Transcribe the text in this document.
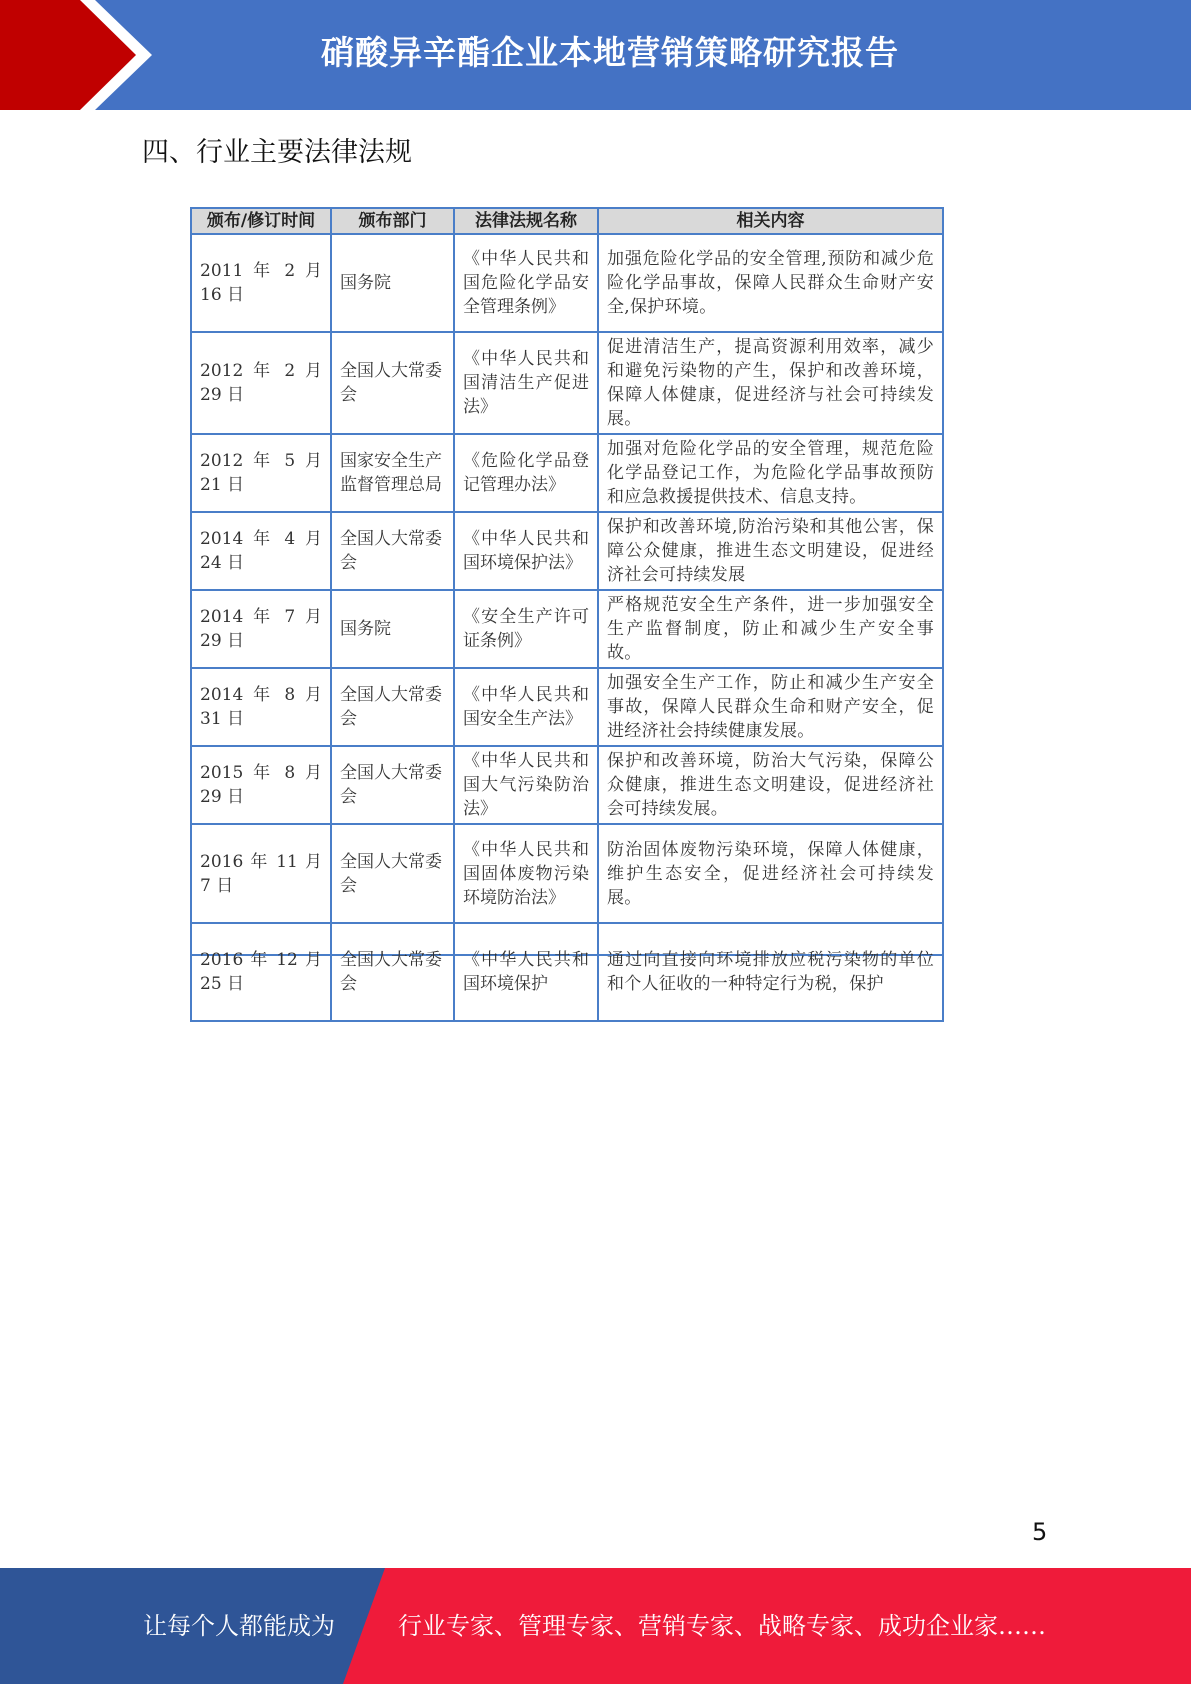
硝酸异辛酯企业本地营销策略研究报告
四、行业主要法律法规
颁布/修订时间	颁布部门	法律法规名称	相关内容
2011 年 2 月 16 日	国务院	《中华人民共和国危险化学品安全管理条例》	加强危险化学品的安全管理,预防和减少危险化学品事故，保障人民群众生命财产安全,保护环境。
2012 年 2 月 29 日	全国人大常委会	《中华人民共和国清洁生产促进法》	促进清洁生产，提高资源利用效率，减少和避免污染物的产生，保护和改善环境，保障人体健康，促进经济与社会可持续发展。
2012 年 5 月 21 日	国家安全生产监督管理总局	《危险化学品登记管理办法》	加强对危险化学品的安全管理，规范危险化学品登记工作，为危险化学品事故预防和应急救援提供技术、信息支持。
2014 年 4 月 24 日	全国人大常委会	《中华人民共和国环境保护法》	保护和改善环境,防治污染和其他公害，保障公众健康，推进生态文明建设，促进经济社会可持续发展
2014 年 7 月 29 日	国务院	《安全生产许可证条例》	严格规范安全生产条件，进一步加强安全生产监督制度，防止和减少生产安全事故。
2014 年 8 月 31 日	全国人大常委会	《中华人民共和国安全生产法》	加强安全生产工作，防止和减少生产安全事故，保障人民群众生命和财产安全，促进经济社会持续健康发展。
2015 年 8 月 29 日	全国人大常委会	《中华人民共和国大气污染防治法》	保护和改善环境，防治大气污染，保障公众健康，推进生态文明建设，促进经济社会可持续发展。
2016 年 11 月 7 日	全国人大常委会	《中华人民共和国固体废物污染环境防治法》	防治固体废物污染环境，保障人体健康，维护生态安全，促进经济社会可持续发展。
2016 年 12 月 25 日	全国人大常委会	《中华人民共和国环境保护	通过向直接向环境排放应税污染物的单位和个人征收的一种特定行为税，保护
5
让每个人都能成为	行业专家、管理专家、营销专家、战略专家、成功企业家……
